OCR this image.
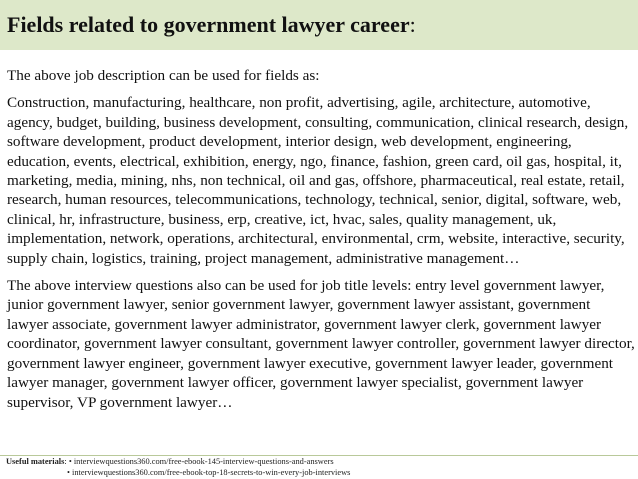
Fields related to government lawyer career:

The above job description can be used for fields as:

Construction, manufacturing, healthcare, non profit, advertising, agile, architecture, automotive, agency, budget, building, business development, consulting, communication, clinical research, design, software development, product development, interior design, web development, engineering, education, events, electrical, exhibition, energy, ngo, finance, fashion, green card, oil gas, hospital, it, marketing, media, mining, nhs, non technical, oil and gas, offshore, pharmaceutical, real estate, retail, research, human resources, telecommunications, technology, technical, senior, digital, software, web, clinical, hr, infrastructure, business, erp, creative, ict, hvac, sales, quality management, uk, implementation, network, operations, architectural, environmental, crm, website, interactive, security, supply chain, logistics, training, project management, administrative management…

The above interview questions also can be used for job title levels: entry level government lawyer, junior government lawyer, senior government lawyer, government lawyer assistant, government lawyer associate, government lawyer administrator, government lawyer clerk, government lawyer coordinator, government lawyer consultant, government lawyer controller, government lawyer director, government lawyer engineer, government lawyer executive, government lawyer leader, government lawyer manager, government lawyer officer, government lawyer specialist, government lawyer supervisor, VP government lawyer…

Useful materials: • interviewquestions360.com/free-ebook-145-interview-questions-and-answers
• interviewquestions360.com/free-ebook-top-18-secrets-to-win-every-job-interviews
